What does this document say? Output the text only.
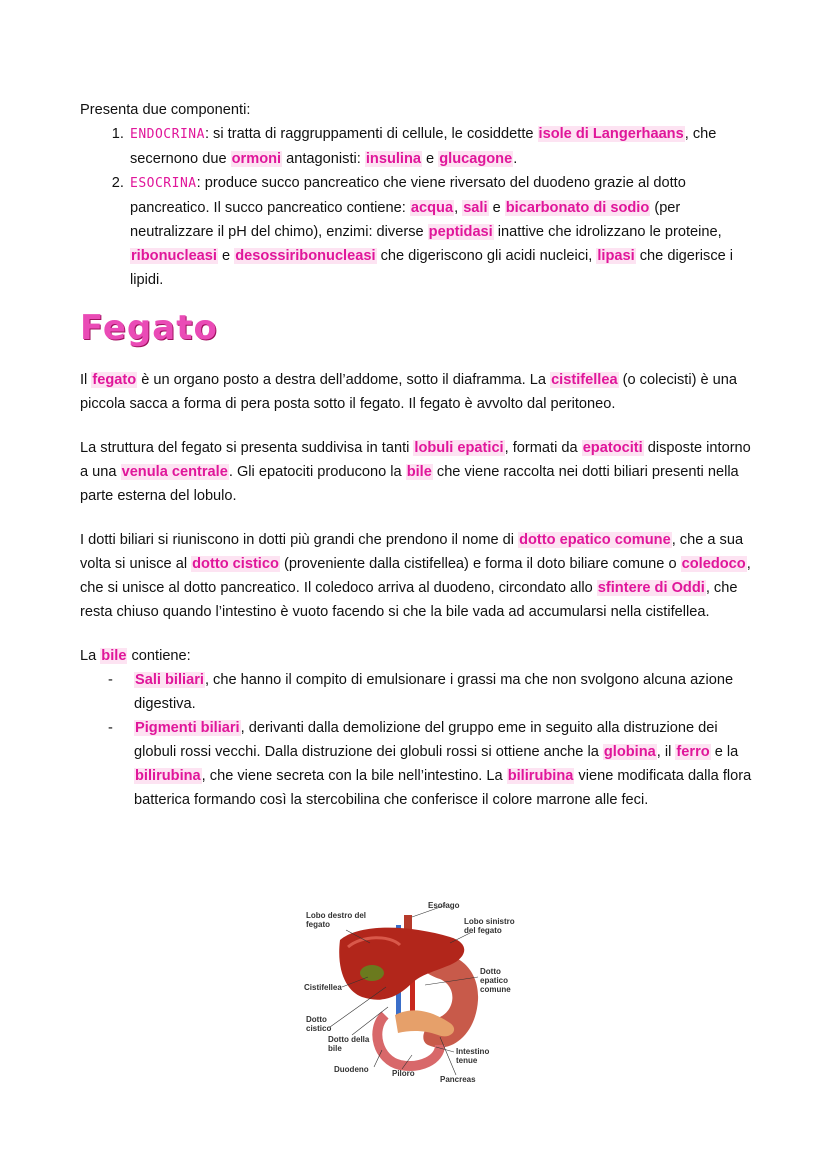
Presenta due componenti:

1. ENDOCRINA: si tratta di raggruppamenti di cellule, le cosiddette isole di Langerhaans, che secernono due ormoni antagonisti: insulina e glucagone.
2. ESOCRINA: produce succo pancreatico che viene riversato del duodeno grazie al dotto pancreatico. Il succo pancreatico contiene: acqua, sali e bicarbonato di sodio (per neutralizzare il pH del chimo), enzimi: diverse peptidasi inattive che idrolizzano le proteine, ribonucleasi e desossiribonucleasi che digeriscono gli acidi nucleici, lipasi che digerisce i lipidi.
Fegato

Il fegato è un organo posto a destra dell’addome, sotto il diaframma. La cistifellea (o colecisti) è una piccola sacca a forma di pera posta sotto il fegato. Il fegato è avvolto dal peritoneo.

La struttura del fegato si presenta suddivisa in tanti lobuli epatici, formati da epatociti disposte intorno a una venula centrale. Gli epatociti producono la bile che viene raccolta nei dotti biliari presenti nella parte esterna del lobulo.

I dotti biliari si riuniscono in dotti più grandi che prendono il nome di dotto epatico comune, che a sua volta si unisce al dotto cistico (proveniente dalla cistifellea) e forma il doto biliare comune o coledoco, che si unisce al dotto pancreatico. Il coledoco arriva al duodeno, circondato allo sfintere di Oddi, che resta chiuso quando l’intestino è vuoto facendo si che la bile vada ad accumularsi nella cistifellea.

La bile contiene:

- Sali biliari, che hanno il compito di emulsionare i grassi ma che non svolgono alcuna azione digestiva.
- Pigmenti biliari, derivanti dalla demolizione del gruppo eme in seguito alla distruzione dei globuli rossi vecchi. Dalla distruzione dei globuli rossi si ottiene anche la globina, il ferro e la bilirubina, che viene secreta con la bile nell’intestino. La bilirubina viene modificata dalla flora batterica formando così la stercobilina che conferisce il colore marrone alle feci.
Esofago
Lobo destro del fegato	Lobo sinistro del fegato
Dotto epatico comune
Cistifellea
Dotto cistico
Dotto della bile	Intestino tenue
Duodeno	Piloro
Pancreas
